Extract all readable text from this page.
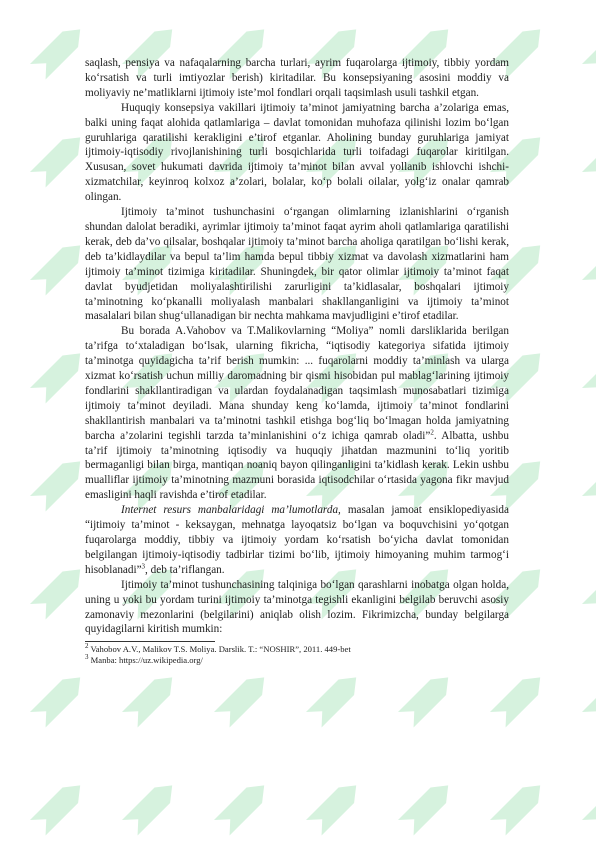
saqlash, pensiya va nafaqalarning barcha turlari, ayrim fuqarolarga ijtimoiy, tibbiy yordam ko‘rsatish va turli imtiyozlar berish) kiritadilar. Bu konsepsiyaning asosini moddiy va moliyaviy ne’matliklarni ijtimoiy iste’mol fondlari orqali taqsimlash usuli tashkil etgan.

Huquqiy konsepsiya vakillari ijtimoiy ta’minot jamiyatning barcha a’zolariga emas, balki uning faqat alohida qatlamlariga – davlat tomonidan muhofaza qilinishi lozim bo‘lgan guruhlariga qaratilishi kerakligini e’tirof etganlar. Aholining bunday guruhlariga jamiyat ijtimoiy-iqtisodiy rivojlanishining turli bosqichlarida turli toifadagi fuqarolar kiritilgan. Xususan, sovet hukumati davrida ijtimoiy ta’minot bilan avval yollanib ishlovchi ishchi-xizmatchilar, keyinroq kolxoz a’zolari, bolalar, ko‘p bolali oilalar, yolg‘iz onalar qamrab olingan.

Ijtimoiy ta’minot tushunchasini o‘rgangan olimlarning izlanishlarini o‘rganish shundan dalolat beradiki, ayrimlar ijtimoiy ta’minot faqat ayrim aholi qatlamlariga qaratilishi kerak, deb da’vo qilsalar, boshqalar ijtimoiy ta’minot barcha aholiga qaratilgan bo‘lishi kerak, deb ta’kidlaydilar va bepul ta’lim hamda bepul tibbiy xizmat va davolash xizmatlarini ham ijtimoiy ta’minot tizimiga kiritadilar. Shuningdek, bir qator olimlar ijtimoiy ta’minot faqat davlat byudjetidan moliyalashtirilishi zarurligini ta’kidlasalar, boshqalari ijtimoiy ta’minotning ko‘pkanalli moliyalash manbalari shakllanganligini va ijtimoiy ta’minot masalalari bilan shug‘ullanadigan bir nechta mahkama mavjudligini e’tirof etadilar.

Bu borada A.Vahobov va T.Malikovlarning “Moliya” nomli darsliklarida berilgan ta’rifga to‘xtaladigan bo‘lsak, ularning fikricha, “iqtisodiy kategoriya sifatida ijtimoiy ta’minotga quyidagicha ta’rif berish mumkin: ... fuqarolarni moddiy ta’minlash va ularga xizmat ko‘rsatish uchun milliy daromadning bir qismi hisobidan pul mablag‘larining ijtimoiy fondlarini shakllantiradigan va ulardan foydalanadigan taqsimlash munosabatlari tizimiga ijtimoiy ta’minot deyiladi. Mana shunday keng ko‘lamda, ijtimoiy ta’minot fondlarini shakllantirish manbalari va ta’minotni tashkil etishga bog‘liq bo‘lmagan holda jamiyatning barcha a’zolarini tegishli tarzda ta’minlanishini o‘z ichiga qamrab oladi”$^2$. Albatta, ushbu ta’rif ijtimoiy ta’minotning iqtisodiy va huquqiy jihatdan mazmunini to‘liq yoritib bermaganligi bilan birga, mantiqan noaniq bayon qilinganligini ta’kidlash kerak. Lekin ushbu mualliflar ijtimoiy ta’minotning mazmuni borasida iqtisodchilar o‘rtasida yagona fikr mavjud emasligini haqli ravishda e’tirof etadilar.

Internet resurs manbalaridagi ma’lumotlarda, masalan jamoat ensiklopediyasida “ijtimoiy ta’minot - keksaygan, mehnatga layoqatsiz bo‘lgan va boquvchisini yo‘qotgan fuqarolarga moddiy, tibbiy va ijtimoiy yordam ko‘rsatish bo‘yicha davlat tomonidan belgilangan ijtimoiy-iqtisodiy tadbirlar tizimi bo‘lib, ijtimoiy himoyaning muhim tarmog‘i hisoblanadi”$^3$, deb ta’riflangan.

Ijtimoiy ta’minot tushunchasining talqiniga bo‘lgan qarashlarni inobatga olgan holda, uning u yoki bu yordam turini ijtimoiy ta’minotga tegishli ekanligini belgilab beruvchi asosiy zamonaviy mezonlarini (belgilarini) aniqlab olish lozim. Fikrimizcha, bunday belgilarga quyidagilarni kiritish mumkin:

$^2$ Vahobov A.V., Malikov T.S. Moliya. Darslik. T.: “NOSHIR”, 2011. 449-bet
$^3$ Manba: https://uz.wikipedia.org/
